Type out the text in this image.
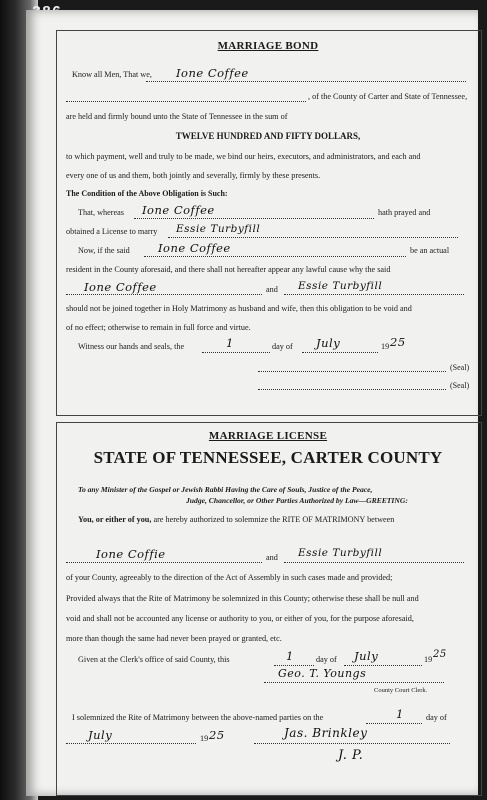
MARRIAGE BOND
Know all Men, That we, Ione Coffee
, of the County of Carter and State of Tennessee,
are held and firmly bound unto the State of Tennessee in the sum of
TWELVE HUNDRED AND FIFTY DOLLARS,
to which payment, well and truly to be made, we bind our heirs, executors, and administrators, and each and
every one of us and them, both jointly and severally, firmly by these presents.
The Condition of the Above Obligation is Such:
That, whereas Ione Coffee	hath prayed and
obtained a License to marry Essie Turbyfill
Now, if the said Ione Coffee	be an actual
resident in the County aforesaid, and there shall not hereafter appear any lawful cause why the said
Ione Coffee	and Essie Turbyfill
should not be joined together in Holy Matrimony as husband and wife, then this obligation to be void and
of no effect; otherwise to remain in full force and virtue.
Witness our hands and seals, the	1	day of July	19 25
(Seal)
(Seal)
MARRIAGE LICENSE
STATE OF TENNESSEE, CARTER COUNTY
To any Minister of the Gospel or Jewish Rabbi Having the Care of Souls, Justice of the Peace,
Judge, Chancellor, or Other Parties Authorized by Law—GREETING:
You, or either of you, are hereby authorized to solemnize the RITE OF MATRIMONY between
Ione Coffie	and Essie Turbyfill
of your County, agreeably to the direction of the Act of Assembly in such cases made and provided;
Provided always that the Rite of Matrimony be solemnized in this County; otherwise these shall be null and
void and shall not be accounted any license or authority to you, or either of you, for the purpose aforesaid,
more than though the same had never been prayed or granted, etc.
Given at the Clerk's office of said County, this	1	day of July	19 25
Geo. T. Youngs
County Court Clerk.
I solemnized the Rite of Matrimony between the above-named parties on the	1	day of
July	19 25	Jas. Brinkley
J. P.
